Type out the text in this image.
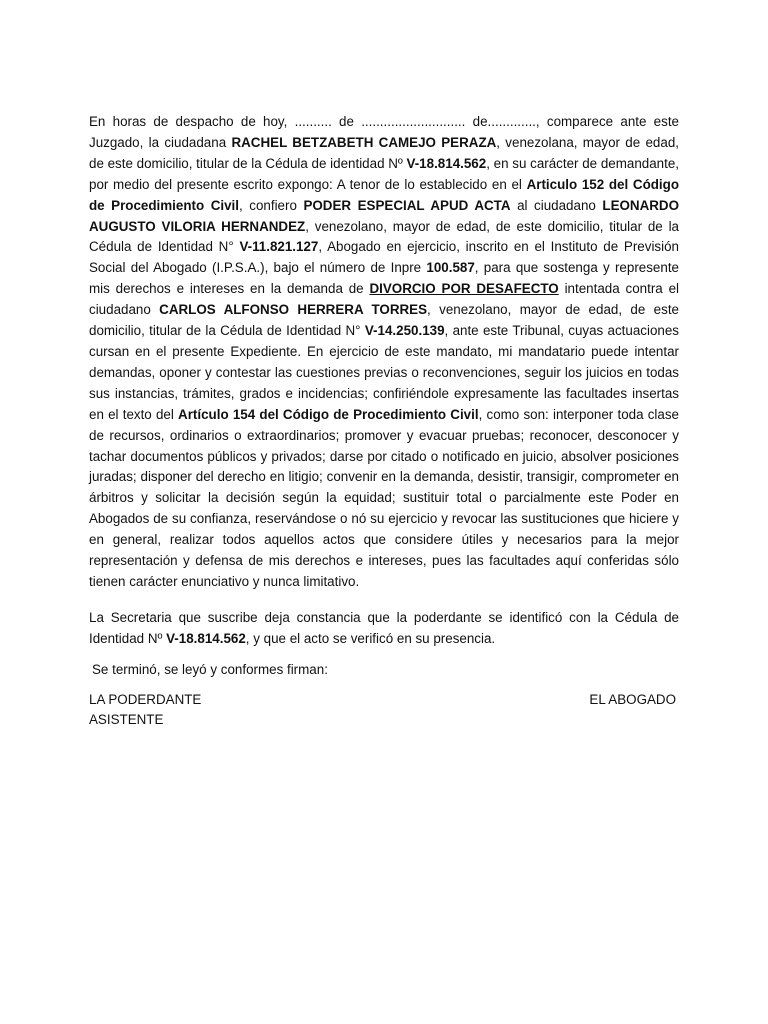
En horas de despacho de hoy, .......... de ............................ de............., comparece ante este Juzgado, la ciudadana RACHEL BETZABETH CAMEJO PERAZA, venezolana, mayor de edad, de este domicilio, titular de la Cédula de identidad Nº V-18.814.562, en su carácter de demandante, por medio del presente escrito expongo: A tenor de lo establecido en el Articulo 152 del Código de Procedimiento Civil, confiero PODER ESPECIAL APUD ACTA al ciudadano LEONARDO AUGUSTO VILORIA HERNANDEZ, venezolano, mayor de edad, de este domicilio, titular de la Cédula de Identidad N° V-11.821.127, Abogado en ejercicio, inscrito en el Instituto de Previsión Social del Abogado (I.P.S.A.), bajo el número de Inpre 100.587, para que sostenga y represente mis derechos e intereses en la demanda de DIVORCIO POR DESAFECTO intentada contra el ciudadano CARLOS ALFONSO HERRERA TORRES, venezolano, mayor de edad, de este domicilio, titular de la Cédula de Identidad N° V-14.250.139, ante este Tribunal, cuyas actuaciones cursan en el presente Expediente. En ejercicio de este mandato, mi mandatario puede intentar demandas, oponer y contestar las cuestiones previas o reconvenciones, seguir los juicios en todas sus instancias, trámites, grados e incidencias; confiriéndole expresamente las facultades insertas en el texto del Artículo 154 del Código de Procedimiento Civil, como son: interponer toda clase de recursos, ordinarios o extraordinarios; promover y evacuar pruebas; reconocer, desconocer y tachar documentos públicos y privados; darse por citado o notificado en juicio, absolver posiciones juradas; disponer del derecho en litigio; convenir en la demanda, desistir, transigir, comprometer en árbitros y solicitar la decisión según la equidad; sustituir total o parcialmente este Poder en Abogados de su confianza, reservándose o nó su ejercicio y revocar las sustituciones que hiciere y en general, realizar todos aquellos actos que considere útiles y necesarios para la mejor representación y defensa de mis derechos e intereses, pues las facultades aquí conferidas sólo tienen carácter enunciativo y nunca limitativo.

La Secretaria que suscribe deja constancia que la poderdante se identificó con la Cédula de Identidad Nº V-18.814.562, y que el acto se verificó en su presencia.

Se terminó, se leyó y conformes firman:

LA PODERDANTE	EL ABOGADO
ASISTENTE
